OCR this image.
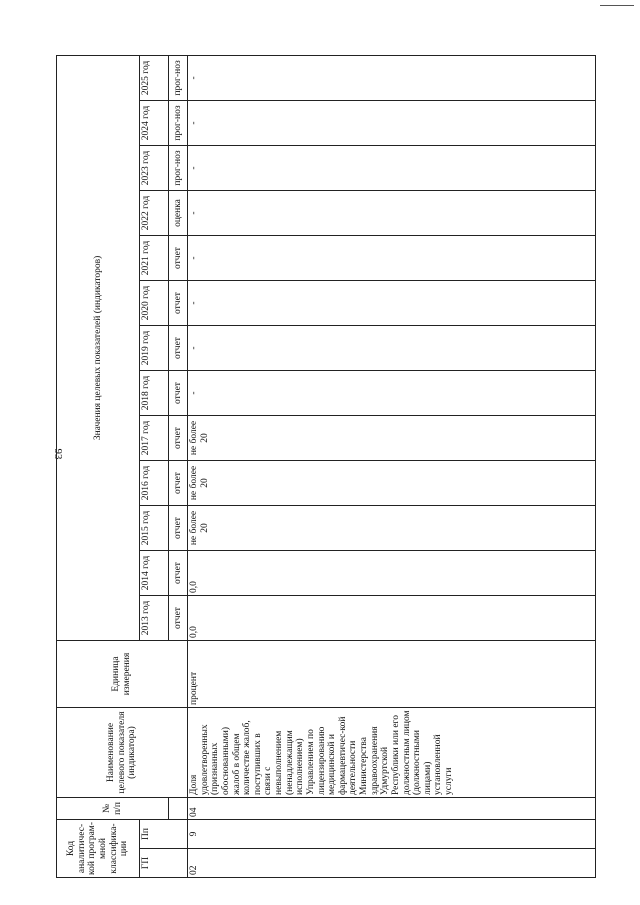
93
Код аналитичес-кой програм-мной классифика-ции		№ п/п	Наименование целевого показателя (индикатора)	Единица измерения	Значения целевых показателей (индикаторов)												
ГП	Пп				2013 год	2014 год	2015 год	2016 год	2017 год	2018 год	2019 год	2020 год	2021 год	2022 год	2023 год	2024 год	2025 год
					отчет	отчет	отчет	отчет	отчет	отчет	отчет	отчет	отчет	оценка	прог-ноз	прог-ноз	прог-ноз
02	9	04	Доля удовлетворенных (признанных обоснованными) жалоб в общем количестве жалоб, поступивших в связи с невыполнением (ненадлежащим исполнением) Управлением по лицензированию медицинской и фармацевтичес-кой деятельности Министерства здравоохранения Удмуртской Республики или его должностным лицом (должностными лицами) установленной услуги	процент	0,0	0,0	не более 20	не более 20	не более 20	-	-	-	-	-	-	-	-
